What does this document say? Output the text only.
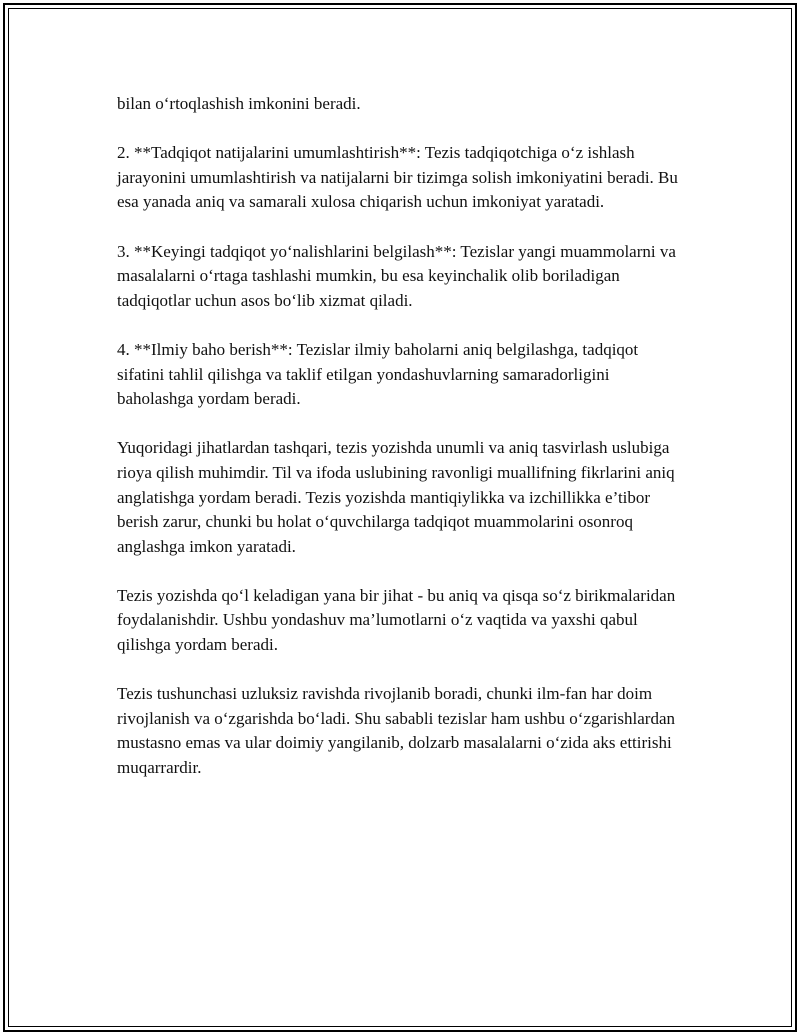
bilan o‘rtoqlashish imkonini beradi.

2. **Tadqiqot natijalarini umumlashtirish**: Tezis tadqiqotchiga o‘z ishlash jarayonini umumlashtirish va natijalarni bir tizimga solish imkoniyatini beradi. Bu esa yanada aniq va samarali xulosa chiqarish uchun imkoniyat yaratadi.

3. **Keyingi tadqiqot yo‘nalishlarini belgilash**: Tezislar yangi muammolarni va masalalarni o‘rtaga tashlashi mumkin, bu esa keyinchalik olib boriladigan tadqiqotlar uchun asos bo‘lib xizmat qiladi.

4. **Ilmiy baho berish**: Tezislar ilmiy baholarni aniq belgilashga, tadqiqot sifatini tahlil qilishga va taklif etilgan yondashuvlarning samaradorligini baholashga yordam beradi.

Yuqoridagi jihatlardan tashqari, tezis yozishda unumli va aniq tasvirlash uslubiga rioya qilish muhimdir. Til va ifoda uslubining ravonligi muallifning fikrlarini aniq anglatishga yordam beradi. Tezis yozishda mantiqiylikka va izchillikka e’tibor berish zarur, chunki bu holat o‘quvchilarga tadqiqot muammolarini osonroq anglashga imkon yaratadi.

Tezis yozishda qo‘l keladigan yana bir jihat - bu aniq va qisqa so‘z birikmalaridan foydalanishdir. Ushbu yondashuv ma’lumotlarni o‘z vaqtida va yaxshi qabul qilishga yordam beradi.

Tezis tushunchasi uzluksiz ravishda rivojlanib boradi, chunki ilm-fan har doim rivojlanish va o‘zgarishda bo‘ladi. Shu sababli tezislar ham ushbu o‘zgarishlardan mustasno emas va ular doimiy yangilanib, dolzarb masalalarni o‘zida aks ettirishi muqarrardir.
